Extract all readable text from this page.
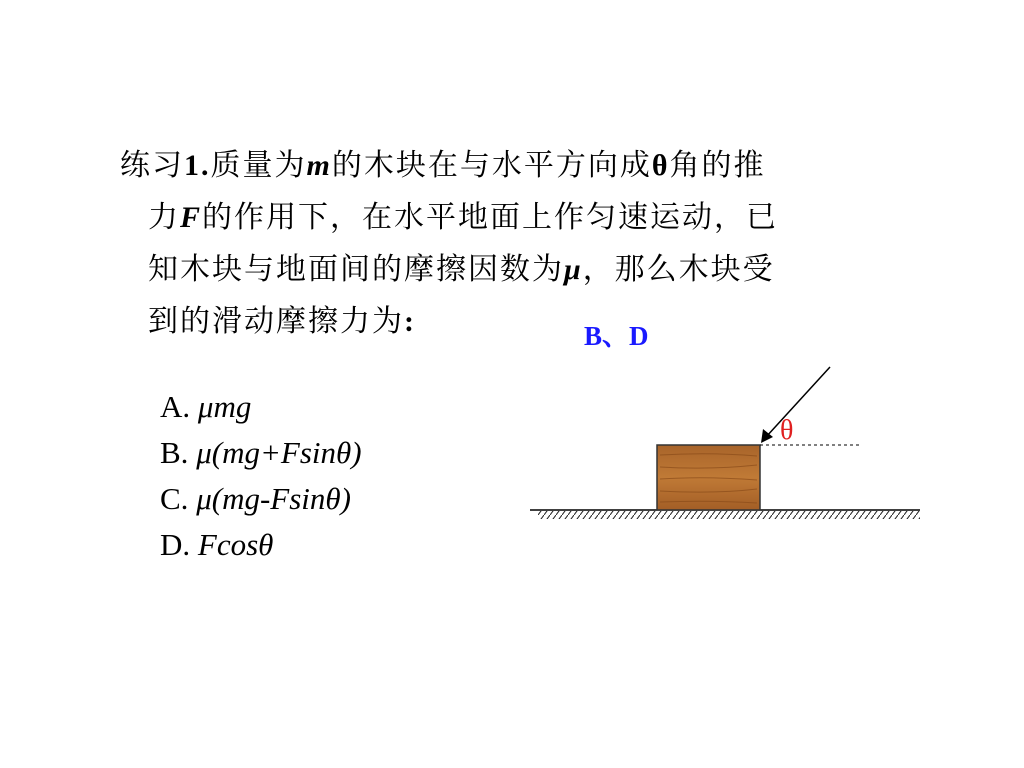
练习1.质量为m的木块在与水平方向成θ角的推
力F的作用下，在水平地面上作匀速运动，已
知木块与地面间的摩擦因数为μ，那么木块受
到的滑动摩擦力为:	B、D
A. μmg
B. μ(mg+Fsinθ)
C. μ(mg-Fsinθ)
D. Fcosθ
θ
